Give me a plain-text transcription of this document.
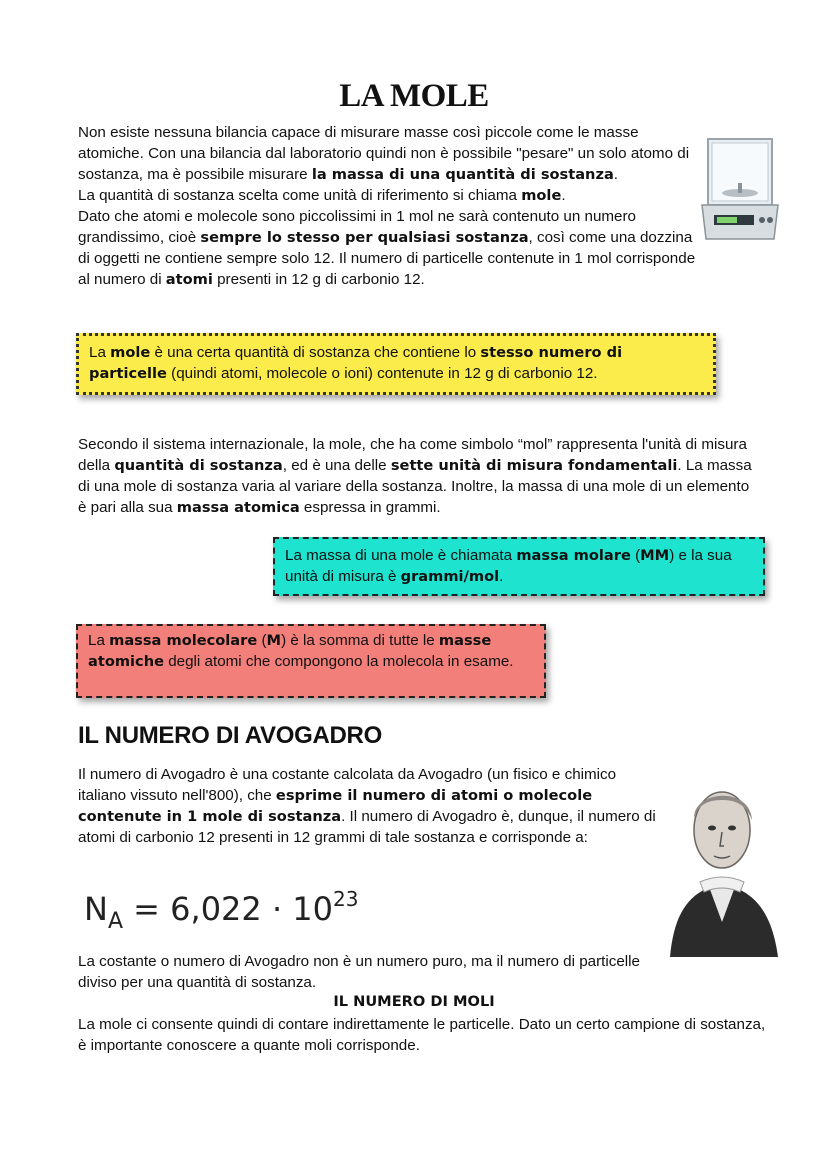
LA MOLE
Non esiste nessuna bilancia capace di misurare masse così piccole come le masse atomiche. Con una bilancia dal laboratorio quindi non è possibile "pesare" un solo atomo di sostanza, ma è possibile misurare la massa di una quantità di sostanza.
La quantità di sostanza scelta come unità di riferimento si chiama mole.
Dato che atomi e molecole sono piccolissimi in 1 mol ne sarà contenuto un numero grandissimo, cioè sempre lo stesso per qualsiasi sostanza, così come una dozzina di oggetti ne contiene sempre solo 12. Il numero di particelle contenute in 1 mol corrisponde al numero di atomi presenti in 12 g di carbonio 12.
La mole è una certa quantità di sostanza che contiene lo stesso numero di particelle (quindi atomi, molecole o ioni) contenute in 12 g di carbonio 12.
Secondo il sistema internazionale, la mole, che ha come simbolo “mol” rappresenta l'unità di misura della quantità di sostanza, ed è una delle sette unità di misura fondamentali. La massa di una mole di sostanza varia al variare della sostanza. Inoltre, la massa di una mole di un elemento è pari alla sua massa atomica espressa in grammi.
La massa di una mole è chiamata massa molare (MM) e la sua unità di misura è grammi/mol.
La massa molecolare (M) è la somma di tutte le masse atomiche degli atomi che compongono la molecola in esame.
IL NUMERO DI AVOGADRO
Il numero di Avogadro è una costante calcolata da Avogadro (un fisico e chimico italiano vissuto nell'800), che esprime il numero di atomi o molecole contenute in 1 mole di sostanza. Il numero di Avogadro è, dunque, il numero di atomi di carbonio 12 presenti in 12 grammi di tale sostanza e corrisponde a:
$N_A = 6,022 \cdot 10^{23}$
La costante o numero di Avogadro non è un numero puro, ma il numero di particelle diviso per una quantità di sostanza.
IL NUMERO DI MOLI
La mole ci consente quindi di contare indirettamente le particelle. Dato un certo campione di sostanza, è importante conoscere a quante moli corrisponde.
